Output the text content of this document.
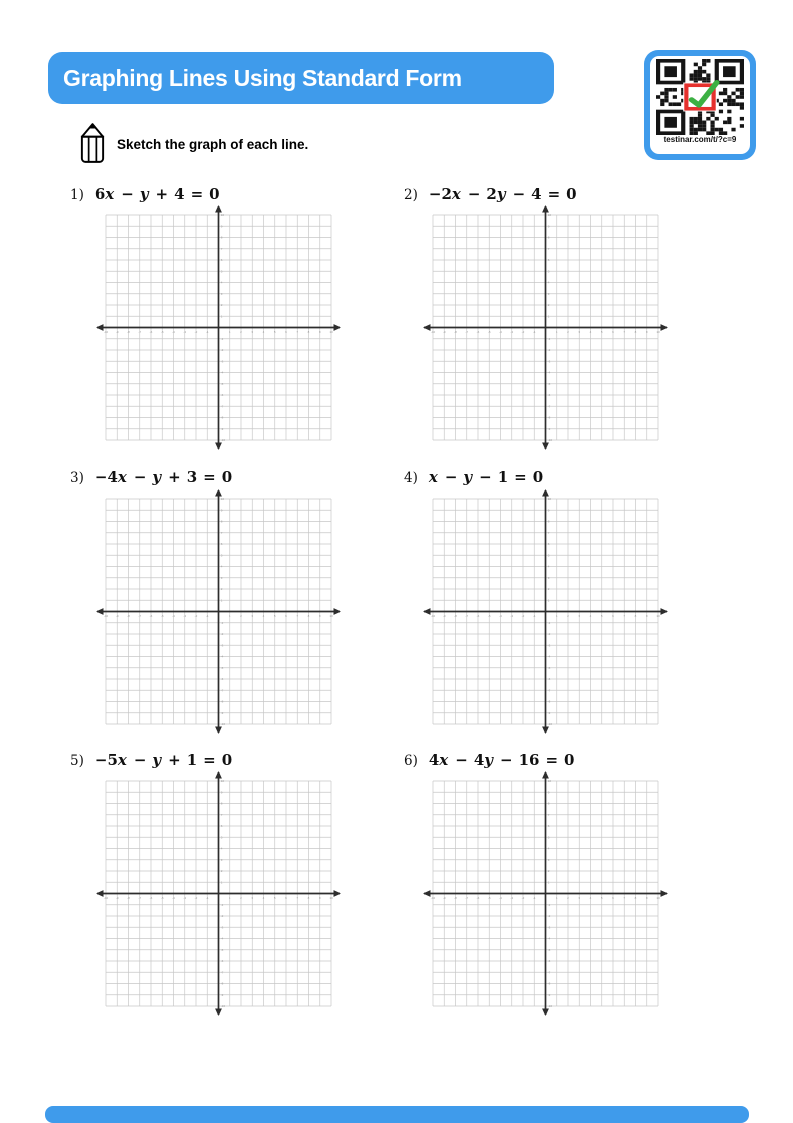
Graphing Lines Using Standard Form
testinar.com/t/?c=9
Sketch the graph of each line.
1) 6x − y + 4 = 0	2) −2x − 2y − 4 = 0
3) −4x − y + 3 = 0	4) x − y − 1 = 0
5) −5x − y + 1 = 0	6) 4x − 4y − 16 = 0
-10
-10
-9
-9
-8
-8
-7
-7
-6
-6
-5
-5
-4
-4
-3
-3
-2
-2
-1
-1
1
1
2
2
3
3
4
4
5
5
6
6
7
7
8
8
9
9
10
10
-10
-10
-9
-9
-8
-8
-7
-7
-6
-6
-5
-5
-4
-4
-3
-3
-2
-2
-1
-1
1
1
2
2
3
3
4
4
5
5
6
6
7
7
8
8
9
9
10
10
-10
-10
-9
-9
-8
-8
-7
-7
-6
-6
-5
-5
-4
-4
-3
-3
-2
-2
-1
-1
1
1
2
2
3
3
4
4
5
5
6
6
7
7
8
8
9
9
10
10
-10
-10
-9
-9
-8
-8
-7
-7
-6
-6
-5
-5
-4
-4
-3
-3
-2
-2
-1
-1
1
1
2
2
3
3
4
4
5
5
6
6
7
7
8
8
9
9
10
10
-10
-10
-9
-9
-8
-8
-7
-7
-6
-6
-5
-5
-4
-4
-3
-3
-2
-2
-1
-1
1
1
2
2
3
3
4
4
5
5
6
6
7
7
8
8
9
9
10
10
-10
-10
-9
-9
-8
-8
-7
-7
-6
-6
-5
-5
-4
-4
-3
-3
-2
-2
-1
-1
1
1
2
2
3
3
4
4
5
5
6
6
7
7
8
8
9
9
10
10
